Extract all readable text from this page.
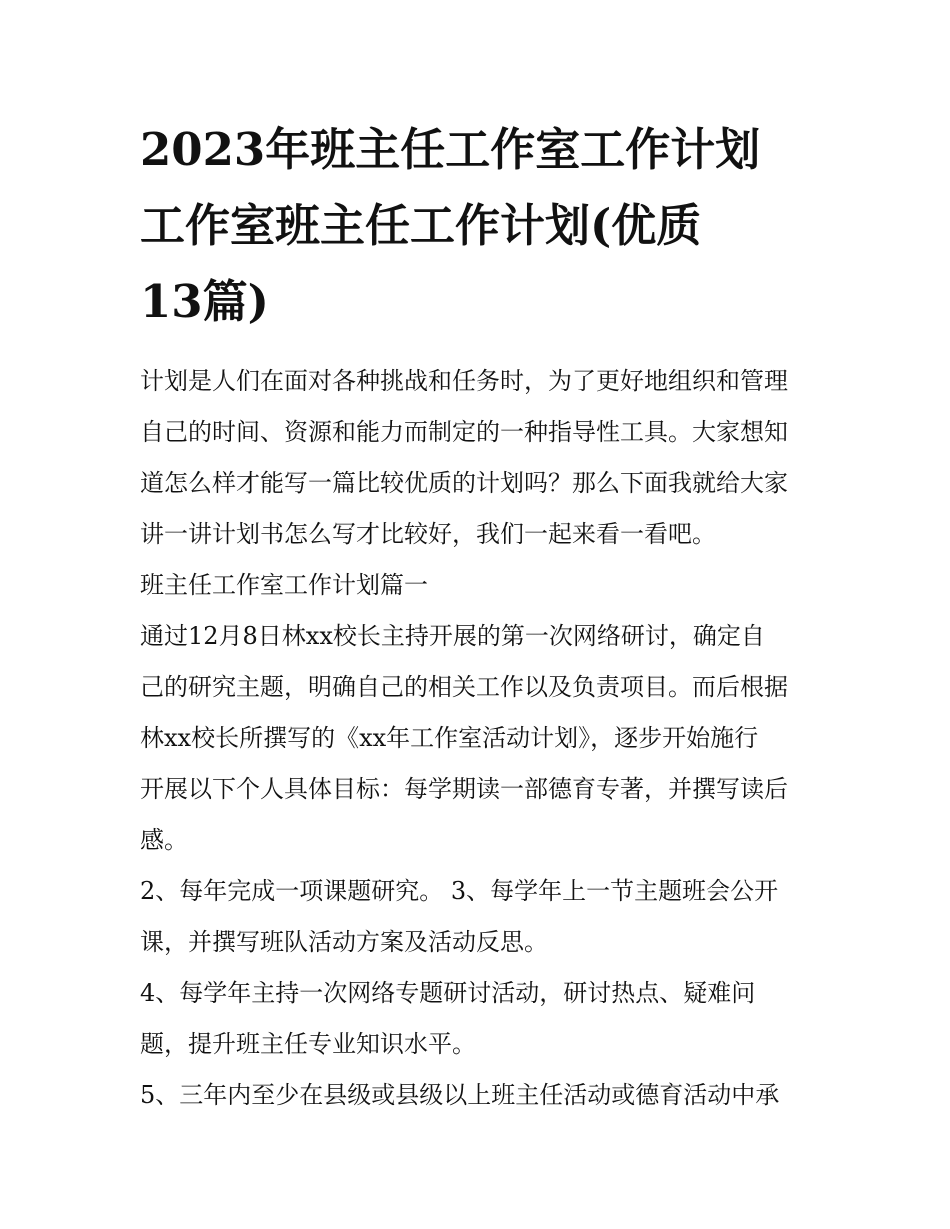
2023年班主任工作室工作计划
工作室班主任工作计划(优质
13篇)
计划是人们在面对各种挑战和任务时，为了更好地组织和管理
自己的时间、资源和能力而制定的一种指导性工具。大家想知
道怎么样才能写一篇比较优质的计划吗？那么下面我就给大家
讲一讲计划书怎么写才比较好，我们一起来看一看吧。
班主任工作室工作计划篇一
通过12月8日林xx校长主持开展的第一次网络研讨，确定自
己的研究主题，明确自己的相关工作以及负责项目。而后根据
林xx校长所撰写的《xx年工作室活动计划》，逐步开始施行
开展以下个人具体目标：每学期读一部德育专著，并撰写读后
感。
2、每年完成一项课题研究。 3、每学年上一节主题班会公开
课，并撰写班队活动方案及活动反思。
4、每学年主持一次网络专题研讨活动，研讨热点、疑难问
题，提升班主任专业知识水平。
5、三年内至少在县级或县级以上班主任活动或德育活动中承
